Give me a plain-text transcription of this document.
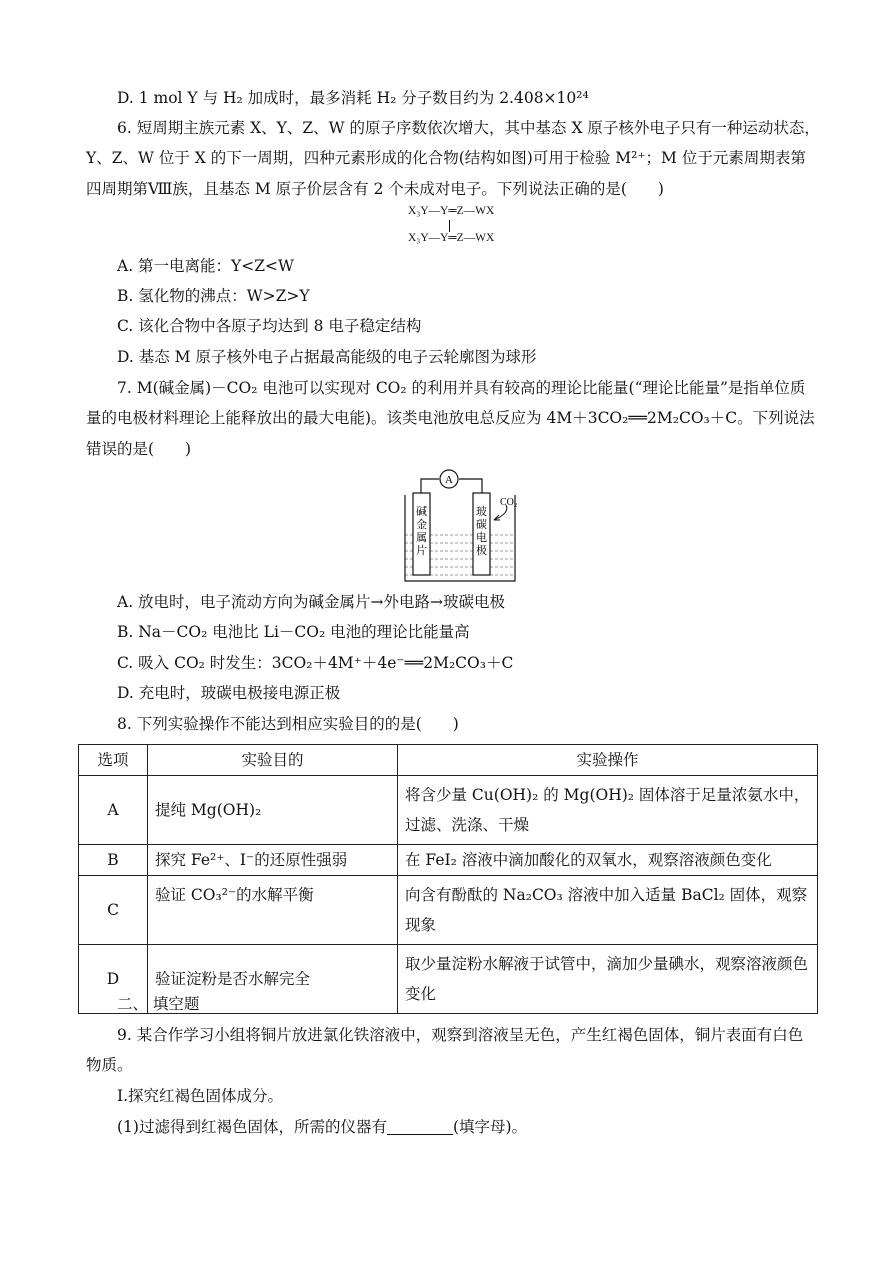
D. 1 mol Y 与 H₂ 加成时，最多消耗 H₂ 分子数目约为 2.408×10²⁴
6. 短周期主族元素 X、Y、Z、W 的原子序数依次增大，其中基态 X 原子核外电子只有一种运动状态，
Y、Z、W 位于 X 的下一周期，四种元素形成的化合物(结构如图)可用于检验 M²⁺；M 位于元素周期表第
四周期第Ⅷ族，且基态 M 原子价层含有 2 个未成对电子。下列说法正确的是(　　)
X₃Y—Y═Z—WX
X₃Y—Y═Z—WX
A. 第一电离能：Y<Z<W
B. 氢化物的沸点：W>Z>Y
C. 该化合物中各原子均达到 8 电子稳定结构
D. 基态 M 原子核外电子占据最高能级的电子云轮廓图为球形
7. M(碱金属)－CO₂ 电池可以实现对 CO₂ 的利用并具有较高的理论比能量(“理论比能量”是指单位质
量的电极材料理论上能释放出的最大电能)。该类电池放电总反应为 4M＋3CO₂══2M₂CO₃＋C。下列说法
错误的是(　　)
A
CO₂
碱
金
属
片
玻
碳
电
极
A. 放电时，电子流动方向为碱金属片→外电路→玻碳电极
B. Na－CO₂ 电池比 Li－CO₂ 电池的理论比能量高
C. 吸入 CO₂ 时发生：3CO₂＋4M⁺＋4e⁻══2M₂CO₃＋C
D. 充电时，玻碳电极接电源正极
8. 下列实验操作不能达到相应实验目的的是(　　)
选项	实验目的	实验操作
A	提纯 Mg(OH)₂	将含少量 Cu(OH)₂ 的 Mg(OH)₂ 固体溶于足量浓氨水中，过滤、洗涤、干燥
B	探究 Fe²⁺、I⁻的还原性强弱	在 FeI₂ 溶液中滴加酸化的双氧水，观察溶液颜色变化
C	验证 CO₃²⁻的水解平衡	向含有酚酞的 Na₂CO₃ 溶液中加入适量 BaCl₂ 固体，观察现象
D	验证淀粉是否水解完全	取少量淀粉水解液于试管中，滴加少量碘水，观察溶液颜色变化
二、 填空题
9. 某合作学习小组将铜片放进氯化铁溶液中，观察到溶液呈无色，产生红褐色固体，铜片表面有白色
物质。
Ⅰ.探究红褐色固体成分。
(1)过滤得到红褐色固体，所需的仪器有	(填字母)。
